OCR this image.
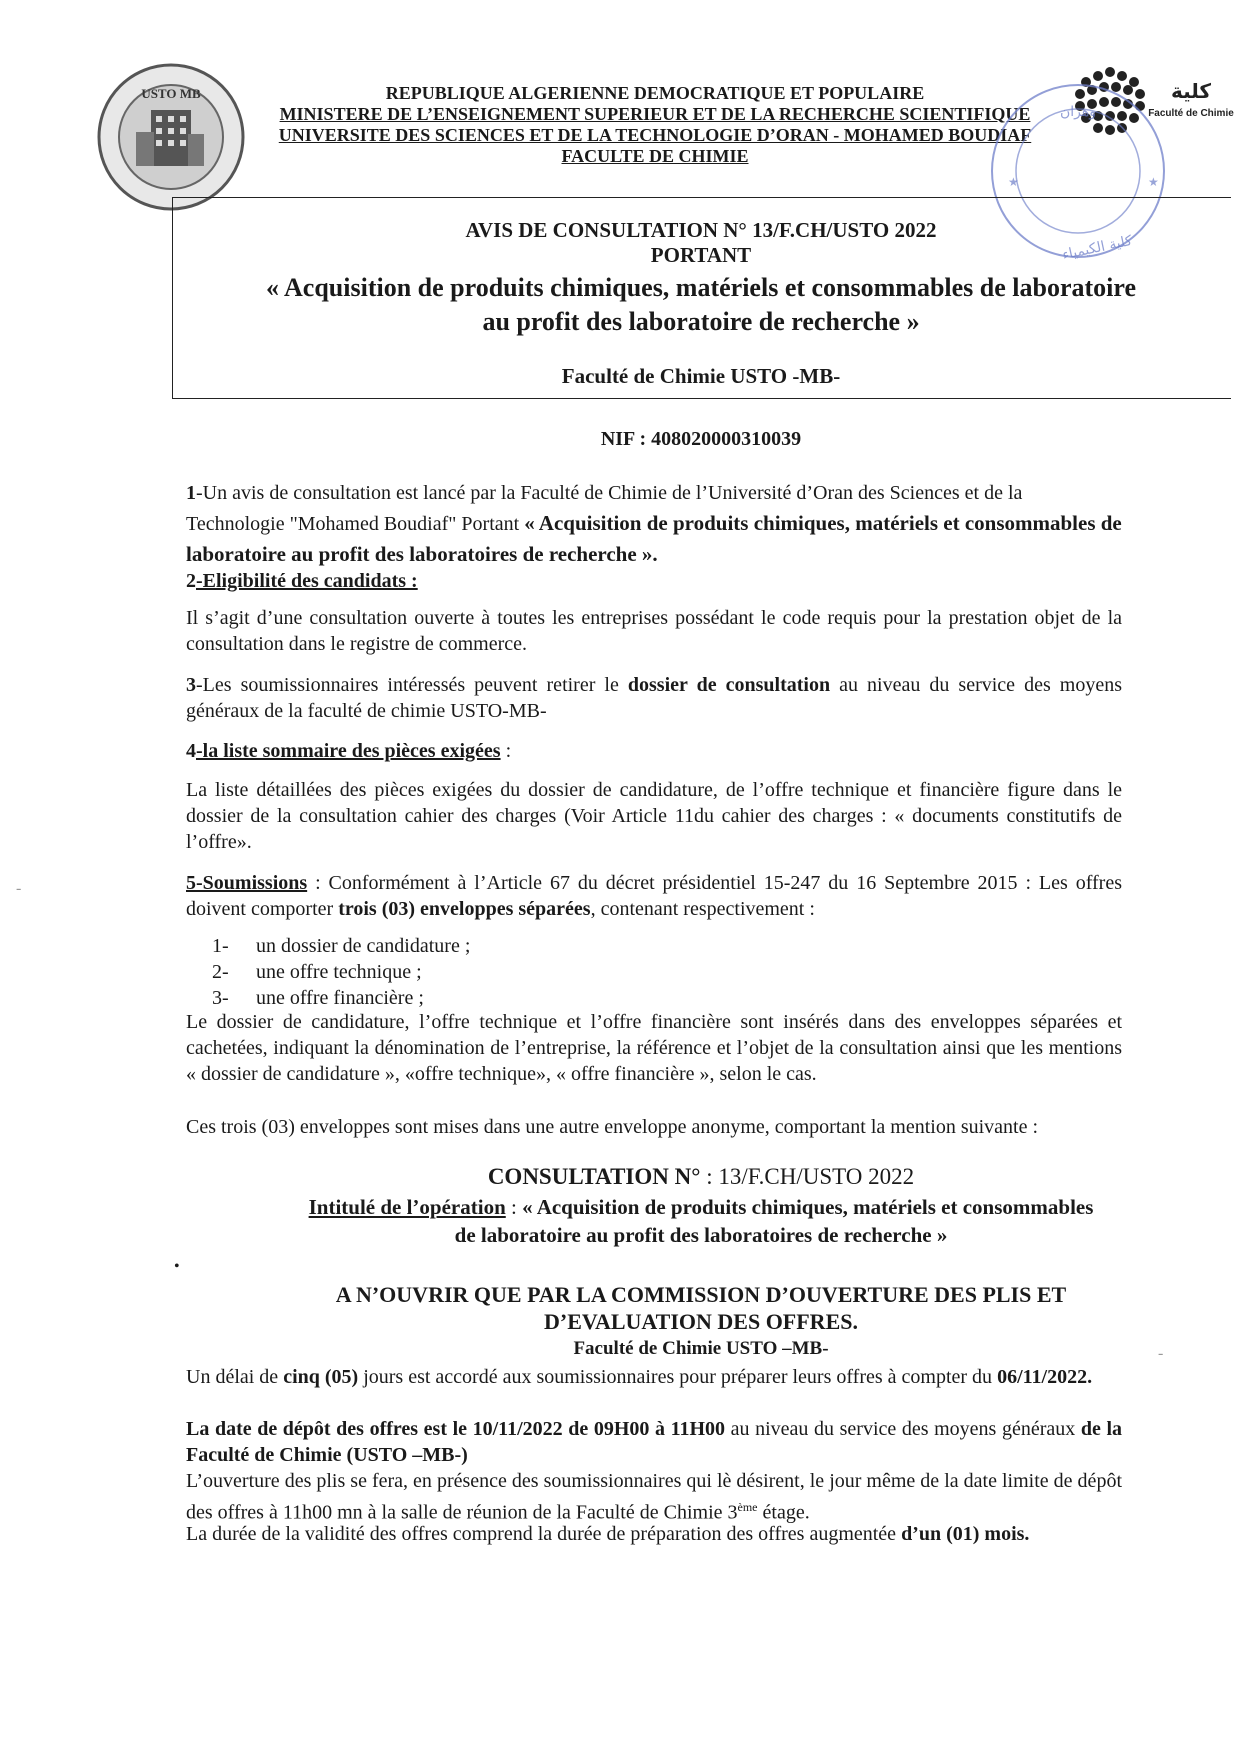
USTO MB	REPUBLIQUE ALGERIENNE DEMOCRATIQUE ET POPULAIRE
MINISTERE DE L’ENSEIGNEMENT SUPERIEUR ET DE LA RECHERCHE SCIENTIFIQUE
UNIVERSITE DES SCIENCES ET DE LA TECHNOLOGIE D’ORAN - MOHAMED BOUDIAF
FACULTE DE CHIMIE
كلية
Faculté de Chimie
وهران
كلية الكيمياء
★	★
AVIS DE CONSULTATION N° 13/F.CH/USTO 2022
PORTANT
« Acquisition de produits chimiques, matériels et consommables de laboratoire
au profit des laboratoire de recherche »
Faculté de Chimie USTO -MB-
NIF : 408020000310039
1-Un avis de consultation est lancé par la Faculté de Chimie de l’Université d’Oran des Sciences et de la Technologie "Mohamed Boudiaf" Portant « Acquisition de produits chimiques, matériels et consommables de laboratoire au profit des laboratoires de recherche ».
2-Eligibilité des candidats :
Il s’agit d’une consultation ouverte à toutes les entreprises possédant le code requis pour la prestation objet de la consultation dans le registre de commerce.
3-Les soumissionnaires intéressés peuvent retirer le dossier de consultation au niveau du service des moyens généraux de la faculté de chimie USTO-MB-
4-la liste sommaire des pièces exigées :
La liste détaillées des pièces exigées du dossier de candidature, de l’offre technique et financière figure dans le dossier de la consultation cahier des charges (Voir Article 11du cahier des charges : « documents constitutifs de l’offre».
5-Soumissions : Conformément à l’Article 67 du décret présidentiel 15-247 du 16 Septembre 2015 : Les offres doivent comporter trois (03) enveloppes séparées, contenant respectivement :
1- un dossier de candidature ;
2- une offre technique ;
3- une offre financière ;
Le dossier de candidature, l’offre technique et l’offre financière sont insérés dans des enveloppes séparées et cachetées, indiquant la dénomination de l’entreprise, la référence et l’objet de la consultation ainsi que les mentions « dossier de candidature », «offre technique», « offre financière », selon le cas.
Ces trois (03) enveloppes sont mises dans une autre enveloppe anonyme, comportant la mention suivante :
CONSULTATION N° : 13/F.CH/USTO 2022
Intitulé de l’opération : « Acquisition de produits chimiques, matériels et consommables
de laboratoire au profit des laboratoires de recherche »
•
A N’OUVRIR QUE PAR LA COMMISSION D’OUVERTURE DES PLIS ET
D’EVALUATION DES OFFRES.
Faculté de Chimie USTO –MB-
Un délai de cinq (05) jours est accordé aux soumissionnaires pour préparer leurs offres à compter du 06/11/2022.
La date de dépôt des offres est le 10/11/2022 de 09H00 à 11H00 au niveau du service des moyens généraux de la Faculté de Chimie (USTO –MB-)
L’ouverture des plis se fera, en présence des soumissionnaires qui lè désirent, le jour même de la date limite de dépôt des offres à 11h00 mn à la salle de réunion de la Faculté de Chimie 3ème étage.
La durée de la validité des offres comprend la durée de préparation des offres augmentée d’un (01) mois.
‐
-
